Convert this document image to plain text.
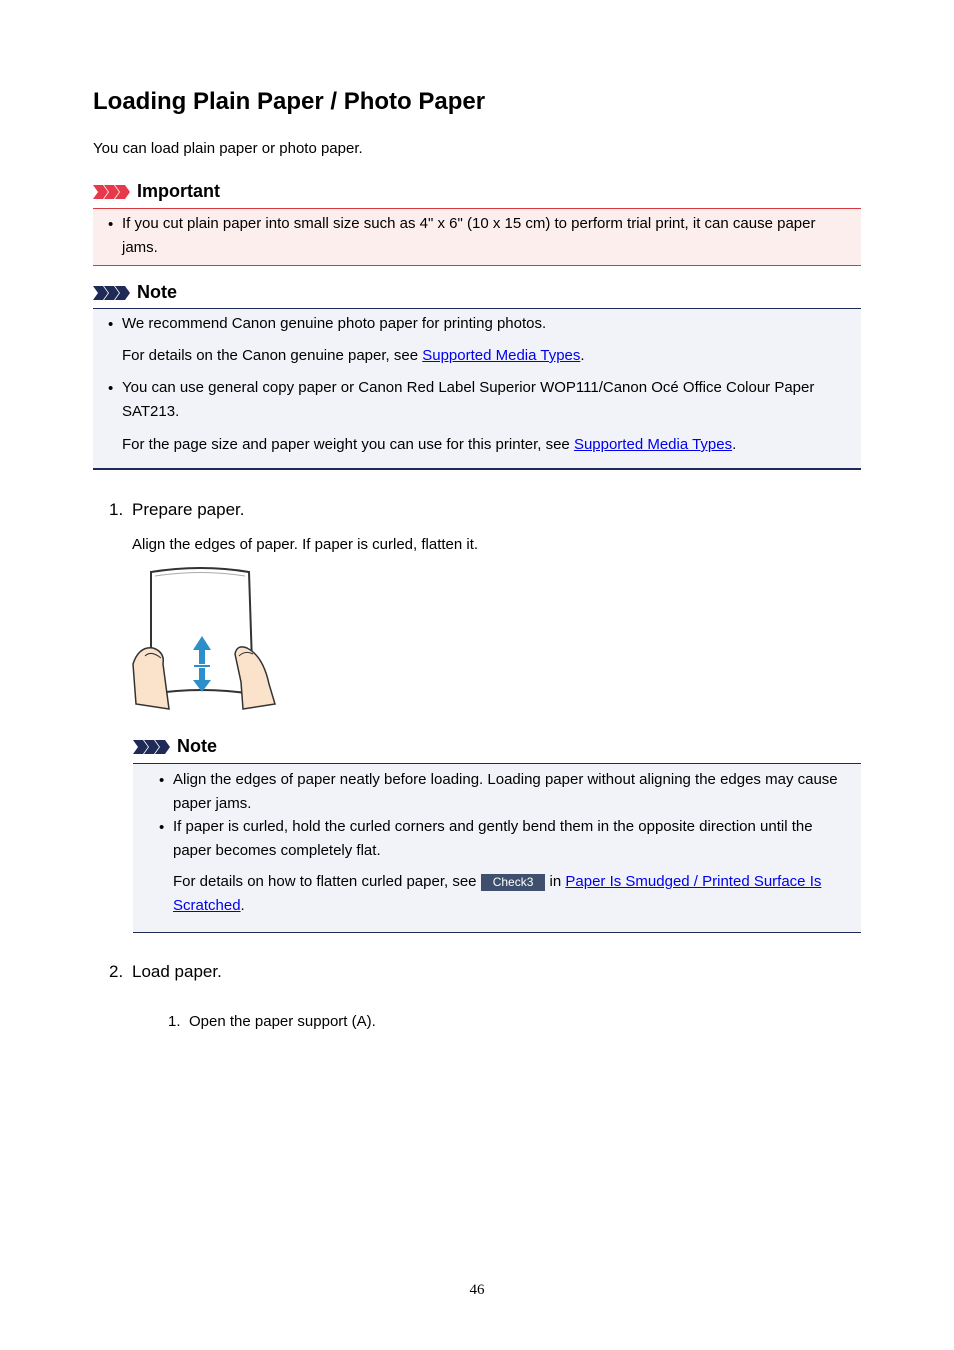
Loading Plain Paper / Photo Paper

You can load plain paper or photo paper.

Important
• If you cut plain paper into small size such as 4" x 6" (10 x 15 cm) to perform trial print, it can cause paper jams.
Note
• We recommend Canon genuine photo paper for printing photos.
For details on the Canon genuine paper, see Supported Media Types.
• You can use general copy paper or Canon Red Label Superior WOP111/Canon Océ Office Colour Paper SAT213.
For the page size and paper weight you can use for this printer, see Supported Media Types.
1. Prepare paper.
Align the edges of paper. If paper is curled, flatten it.
Note
• Align the edges of paper neatly before loading. Loading paper without aligning the edges may cause paper jams.
• If paper is curled, hold the curled corners and gently bend them in the opposite direction until the paper becomes completely flat.
For details on how to flatten curled paper, see Check3 in Paper Is Smudged / Printed Surface Is Scratched.
2. Load paper.
1. Open the paper support (A).
46
